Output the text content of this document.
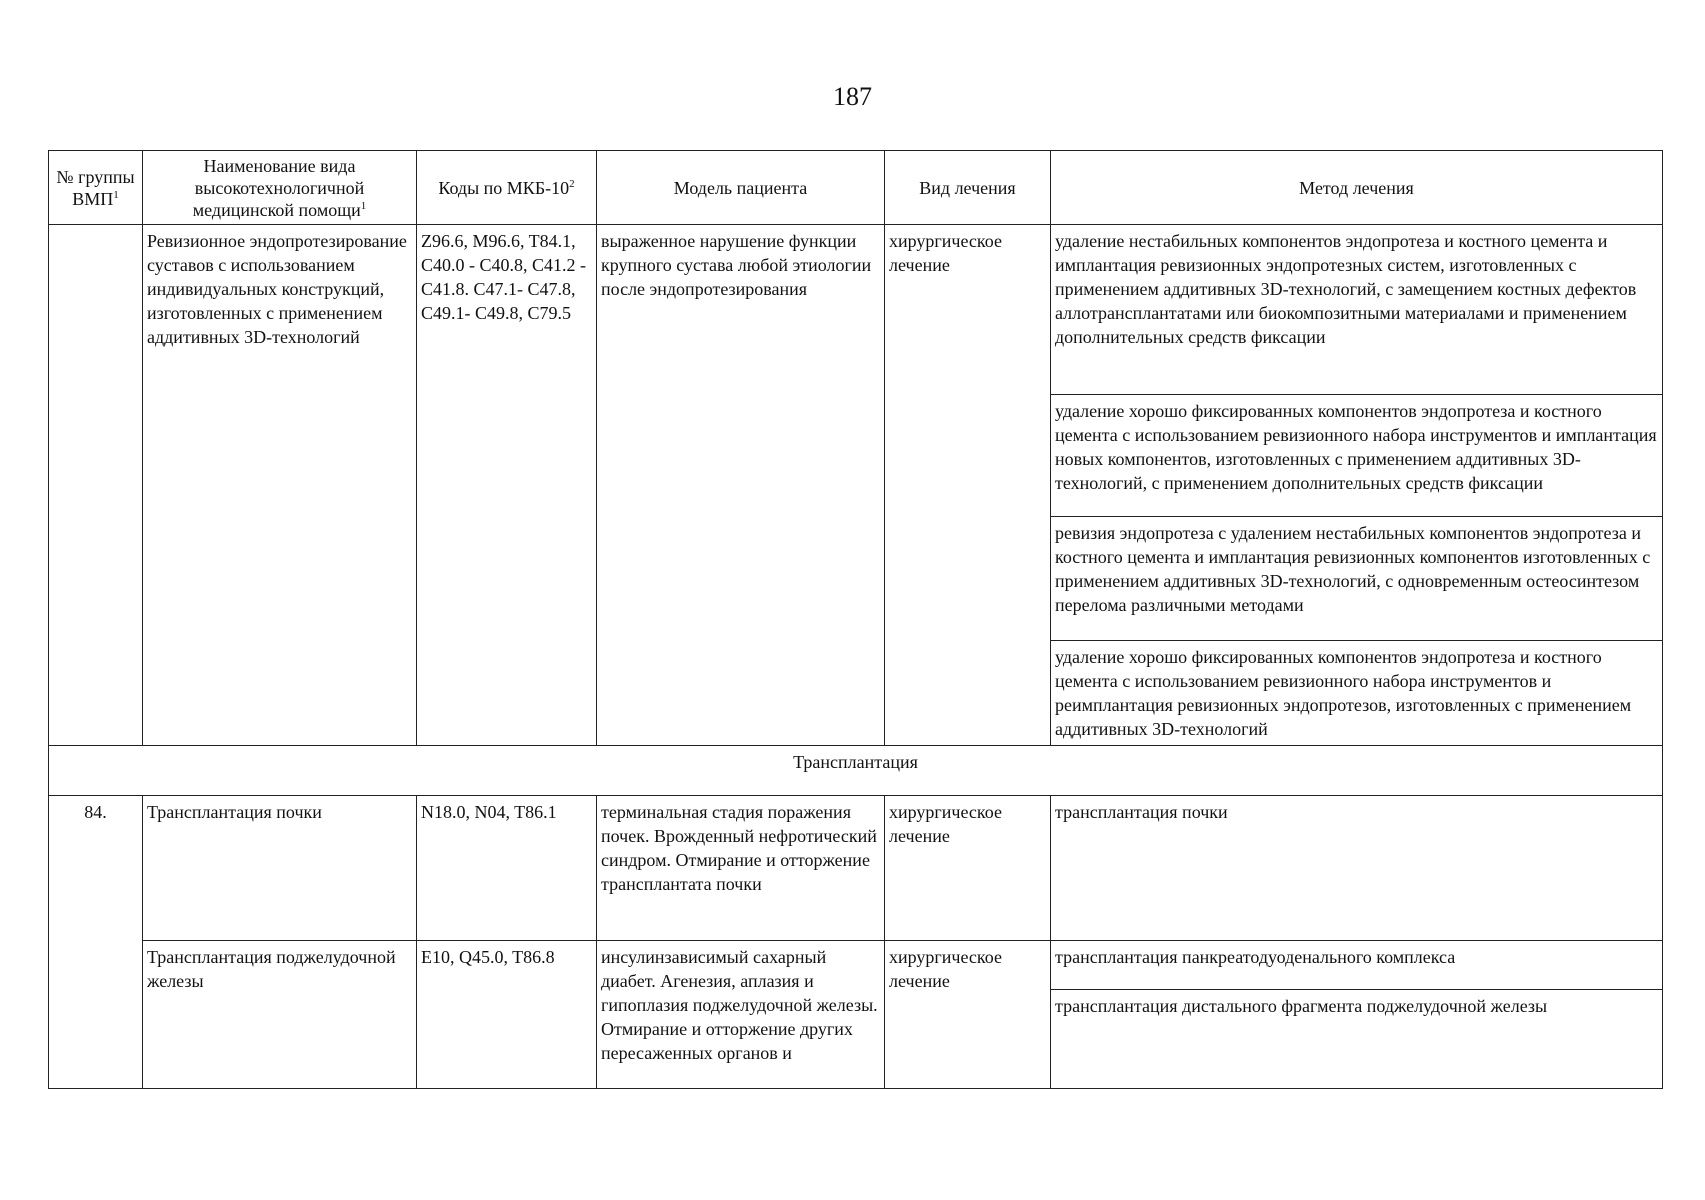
187
№ группы ВМП$^1$	Наименование вида высокотехнологичной медицинской помощи$^1$	Коды по МКБ-$10^2$	Модель пациента	Вид лечения	Метод лечения
	Ревизионное эндопротезирование суставов с использованием индивидуальных конструкций, изготовленных с применением аддитивных 3D-технологий	Z96.6, M96.6, T84.1, C40.0 - C40.8, C41.2 - C41.8. C47.1- C47.8, C49.1- C49.8, C79.5	выраженное нарушение функции крупного сустава любой этиологии после эндопротезирования	хирургическое лечение	удаление нестабильных компонентов эндопротеза и костного цемента и имплантация ревизионных эндопротезных систем, изготовленных с применением аддитивных 3D-технологий, с замещением костных дефектов аллотрансплантатами или биокомпозитными материалами и применением дополнительных средств фиксации
					удаление хорошо фиксированных компонентов эндопротеза и костного цемента с использованием ревизионного набора инструментов и имплантация новых компонентов, изготовленных с применением аддитивных 3D-технологий, с применением дополнительных средств фиксации
					ревизия эндопротеза с удалением нестабильных компонентов эндопротеза и костного цемента и имплантация ревизионных компонентов изготовленных с применением аддитивных 3D-технологий, с одновременным остеосинтезом перелома различными методами
					удаление хорошо фиксированных компонентов эндопротеза и костного цемента с использованием ревизионного набора инструментов и реимплантация ревизионных эндопротезов, изготовленных с применением аддитивных 3D-технологий
Трансплантация					
84.	Трансплантация почки	N18.0, N04, T86.1	терминальная стадия поражения почек. Врожденный нефротический синдром. Отмирание и отторжение трансплантата почки	хирургическое лечение	трансплантация почки
	Трансплантация поджелудочной железы	E10, Q45.0, T86.8	инсулинзависимый сахарный диабет. Агенезия, аплазия и гипоплазия поджелудочной железы. Отмирание и отторжение других пересаженных органов и	хирургическое лечение	трансплантация панкреатодуоденального комплекса
					трансплантация дистального фрагмента поджелудочной железы
